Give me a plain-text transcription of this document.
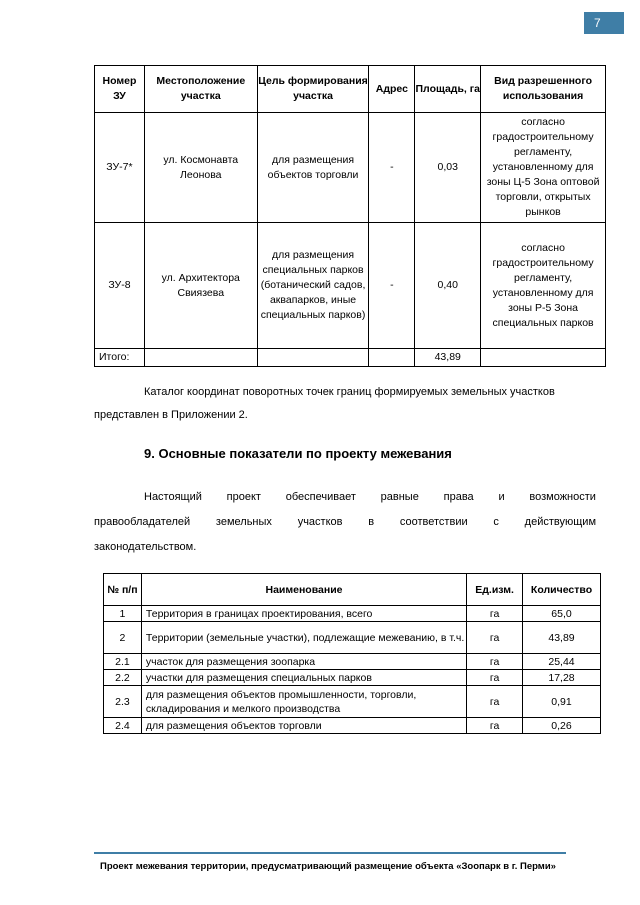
7
Номер ЗУ	Местоположение участка	Цель формирования участка	Адрес	Площадь, га	Вид разрешенного использования
ЗУ-7*	ул. Космонавта Леонова	для размещения объектов торговли	-	0,03	согласно градостроительному регламенту, установленному для зоны Ц-5 Зона оптовой торговли, открытых рынков
ЗУ-8	ул. Архитектора Свиязева	для размещения специальных парков (ботанический садов, аквапарков, иные специальных парков)	-	0,40	согласно градостроительному регламенту, установленному для зоны Р-5 Зона специальных парков
Итого:				43,89	

Каталог координат поворотных точек границ формируемых земельных участков

представлен в Приложении 2.

9. Основные показатели по проекту межевания
Настоящий проект обеспечивает равные права и возможности
правообладателей земельных участков в соответствии с действующим

законодательством.

№ п/п	Наименование	Ед.изм.	Количество
1	Территория в границах проектирования, всего	га	65,0
2	Территории (земельные участки), подлежащие межеванию, в т.ч.	га	43,89
2.1	участок для размещения зоопарка	га	25,44
2.2	участки для размещения специальных парков	га	17,28
2.3	для размещения объектов промышленности, торговли, складирования и мелкого производства	га	0,91
2.4	для размещения объектов торговли	га	0,26
Проект межевания территории, предусматривающий размещение объекта «Зоопарк в г. Перми»
